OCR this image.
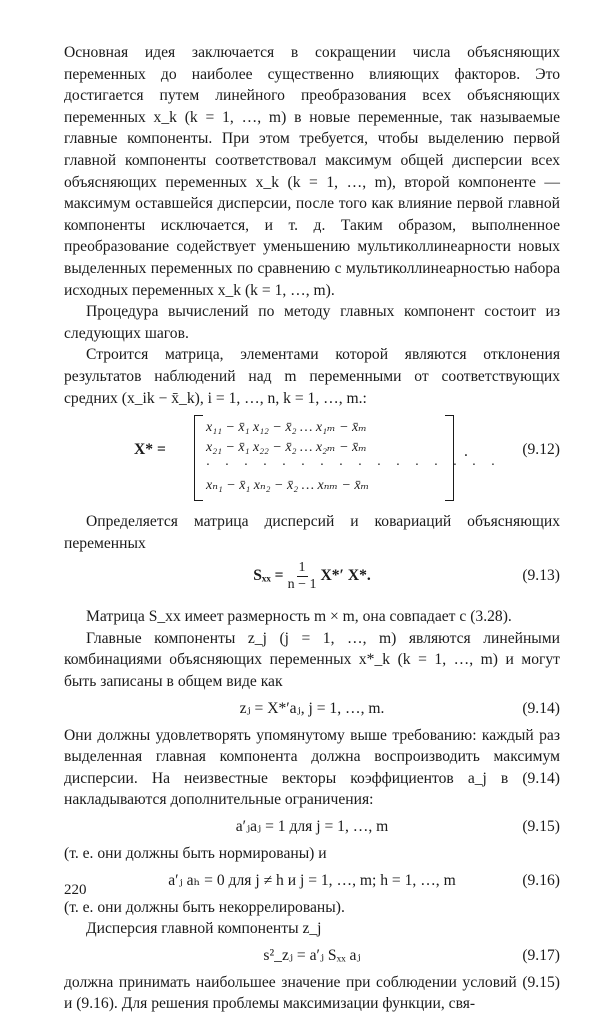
Основная идея заключается в сокращении числа объясняющих переменных до наиболее существенно влияющих факторов. Это достигается путем линейного преобразования всех объясняющих переменных x_k (k = 1, …, m) в новые переменные, так называемые главные компоненты. При этом требуется, чтобы выделению первой главной компоненты соответствовал максимум общей дисперсии всех объясняющих переменных x_k (k = 1, …, m), второй компоненте — максимум оставшейся дисперсии, после того как влияние первой главной компоненты исключается, и т. д. Таким образом, выполненное преобразование содействует уменьшению мультиколлинеарности новых выделенных переменных по сравнению с мультиколлинеарностью набора исходных переменных x_k (k = 1, …, m).

Процедура вычислений по методу главных компонент состоит из следующих шагов.

Строится матрица, элементами которой являются отклонения результатов наблюдений над m переменными от соответствующих средних (x_ik − x̄_k), i = 1, …, n, k = 1, …, m.:

X* =
x₁₁ − x̄₁ x₁₂ − x̄₂ … x₁ₘ − x̄ₘ
x₂₁ − x̄₁ x₂₂ − x̄₂ … x₂ₘ − x̄ₘ
· · · · · · · · · · · · · · · ·
xₙ₁ − x̄₁ xₙ₂ − x̄₂ … xₙₘ − x̄ₘ
.	(9.12)

Определяется матрица дисперсий и ковариаций объясняющих переменных

$S_{xx} = \frac{1}{n - 1} X*'$ X*.	(9.13)

Матрица S_xx имеет размерность m × m, она совпадает с (3.28).

Главные компоненты z_j (j = 1, …, m) являются линейными комбинациями объясняющих переменных x*_k (k = 1, …, m) и могут быть записаны в общем виде как

zⱼ = X*′aⱼ, j = 1, …, m.	(9.14)

Они должны удовлетворять упомянутому выше требованию: каждый раз выделенная главная компонента должна воспроизводить максимум дисперсии. На неизвестные векторы коэффициентов a_j в (9.14) накладываются дополнительные ограничения:

a′ⱼaⱼ = 1 для j = 1, …, m	(9.15)

(т. е. они должны быть нормированы) и

a′ⱼ aₕ = 0 для j ≠ h и j = 1, …, m; h = 1, …, m	(9.16)

(т. е. они должны быть некоррелированы).

Дисперсия главной компоненты z_j

s²_zⱼ = a′ⱼ Sₓₓ aⱼ	(9.17)

должна принимать наибольшее значение при соблюдении условий (9.15) и (9.16). Для решения проблемы максимизации функции, свя-

220
